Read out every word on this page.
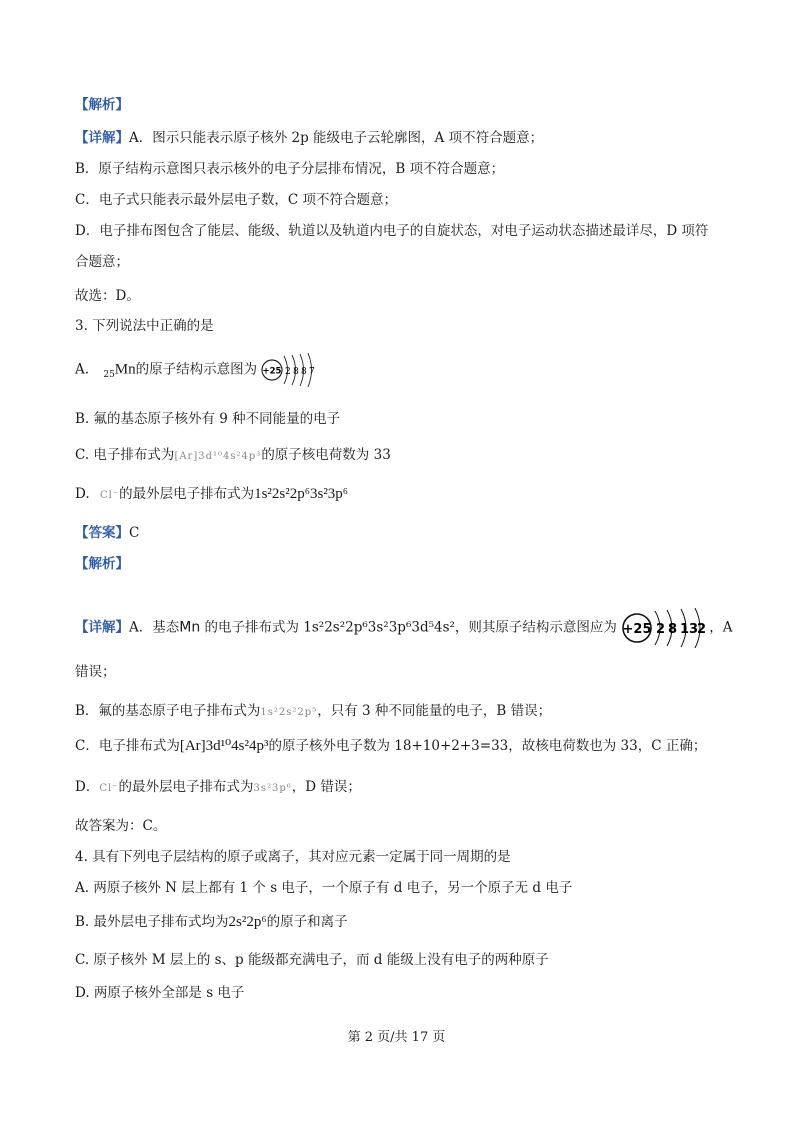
【解析】
【详解】A．图示只能表示原子核外 2p 能级电子云轮廓图，A 项不符合题意；
B．原子结构示意图只表示核外的电子分层排布情况，B 项不符合题意；
C．电子式只能表示最外层电子数，C 项不符合题意；
D．电子排布图包含了能层、能级、轨道以及轨道内电子的自旋状态，对电子运动状态描述最详尽，D 项符
合题意；
故选：D。
3. 下列说法中正确的是
A. $_{25}$Mn的原子结构示意图为 +25 2 8 8 7
B. 氟的基态原子核外有 9 种不同能量的电子
C. 电子排布式为[Ar]3d¹⁰4s²4p³的原子核电荷数为 33
D. Cl⁻的最外层电子排布式为1s²2s²2p⁶3s²3p⁶
【答案】C
【解析】
【详解】A．基态Mn 的电子排布式为 1s²2s²2p⁶3s²3p⁶3d⁵4s²，则其原子结构示意图应为 +25 2 8 13
2 ，A
错误；
B．氟的基态原子电子排布式为1s²2s²2p⁵，只有 3 种不同能量的电子，B 错误；
C．电子排布式为[Ar]3d¹⁰4s²4p³的原子核外电子数为 18+10+2+3=33，故核电荷数也为 33，C 正确；
D．Cl⁻的最外层电子排布式为3s²3p⁶，D 错误；
故答案为：C。
4. 具有下列电子层结构的原子或离子，其对应元素一定属于同一周期的是
A. 两原子核外 N 层上都有 1 个 s 电子，一个原子有 d 电子，另一个原子无 d 电子
B. 最外层电子排布式均为2s²2p⁶的原子和离子
C. 原子核外 M 层上的 s、p 能级都充满电子，而 d 能级上没有电子的两种原子
D. 两原子核外全部是 s 电子
第 2 页/共 17 页
